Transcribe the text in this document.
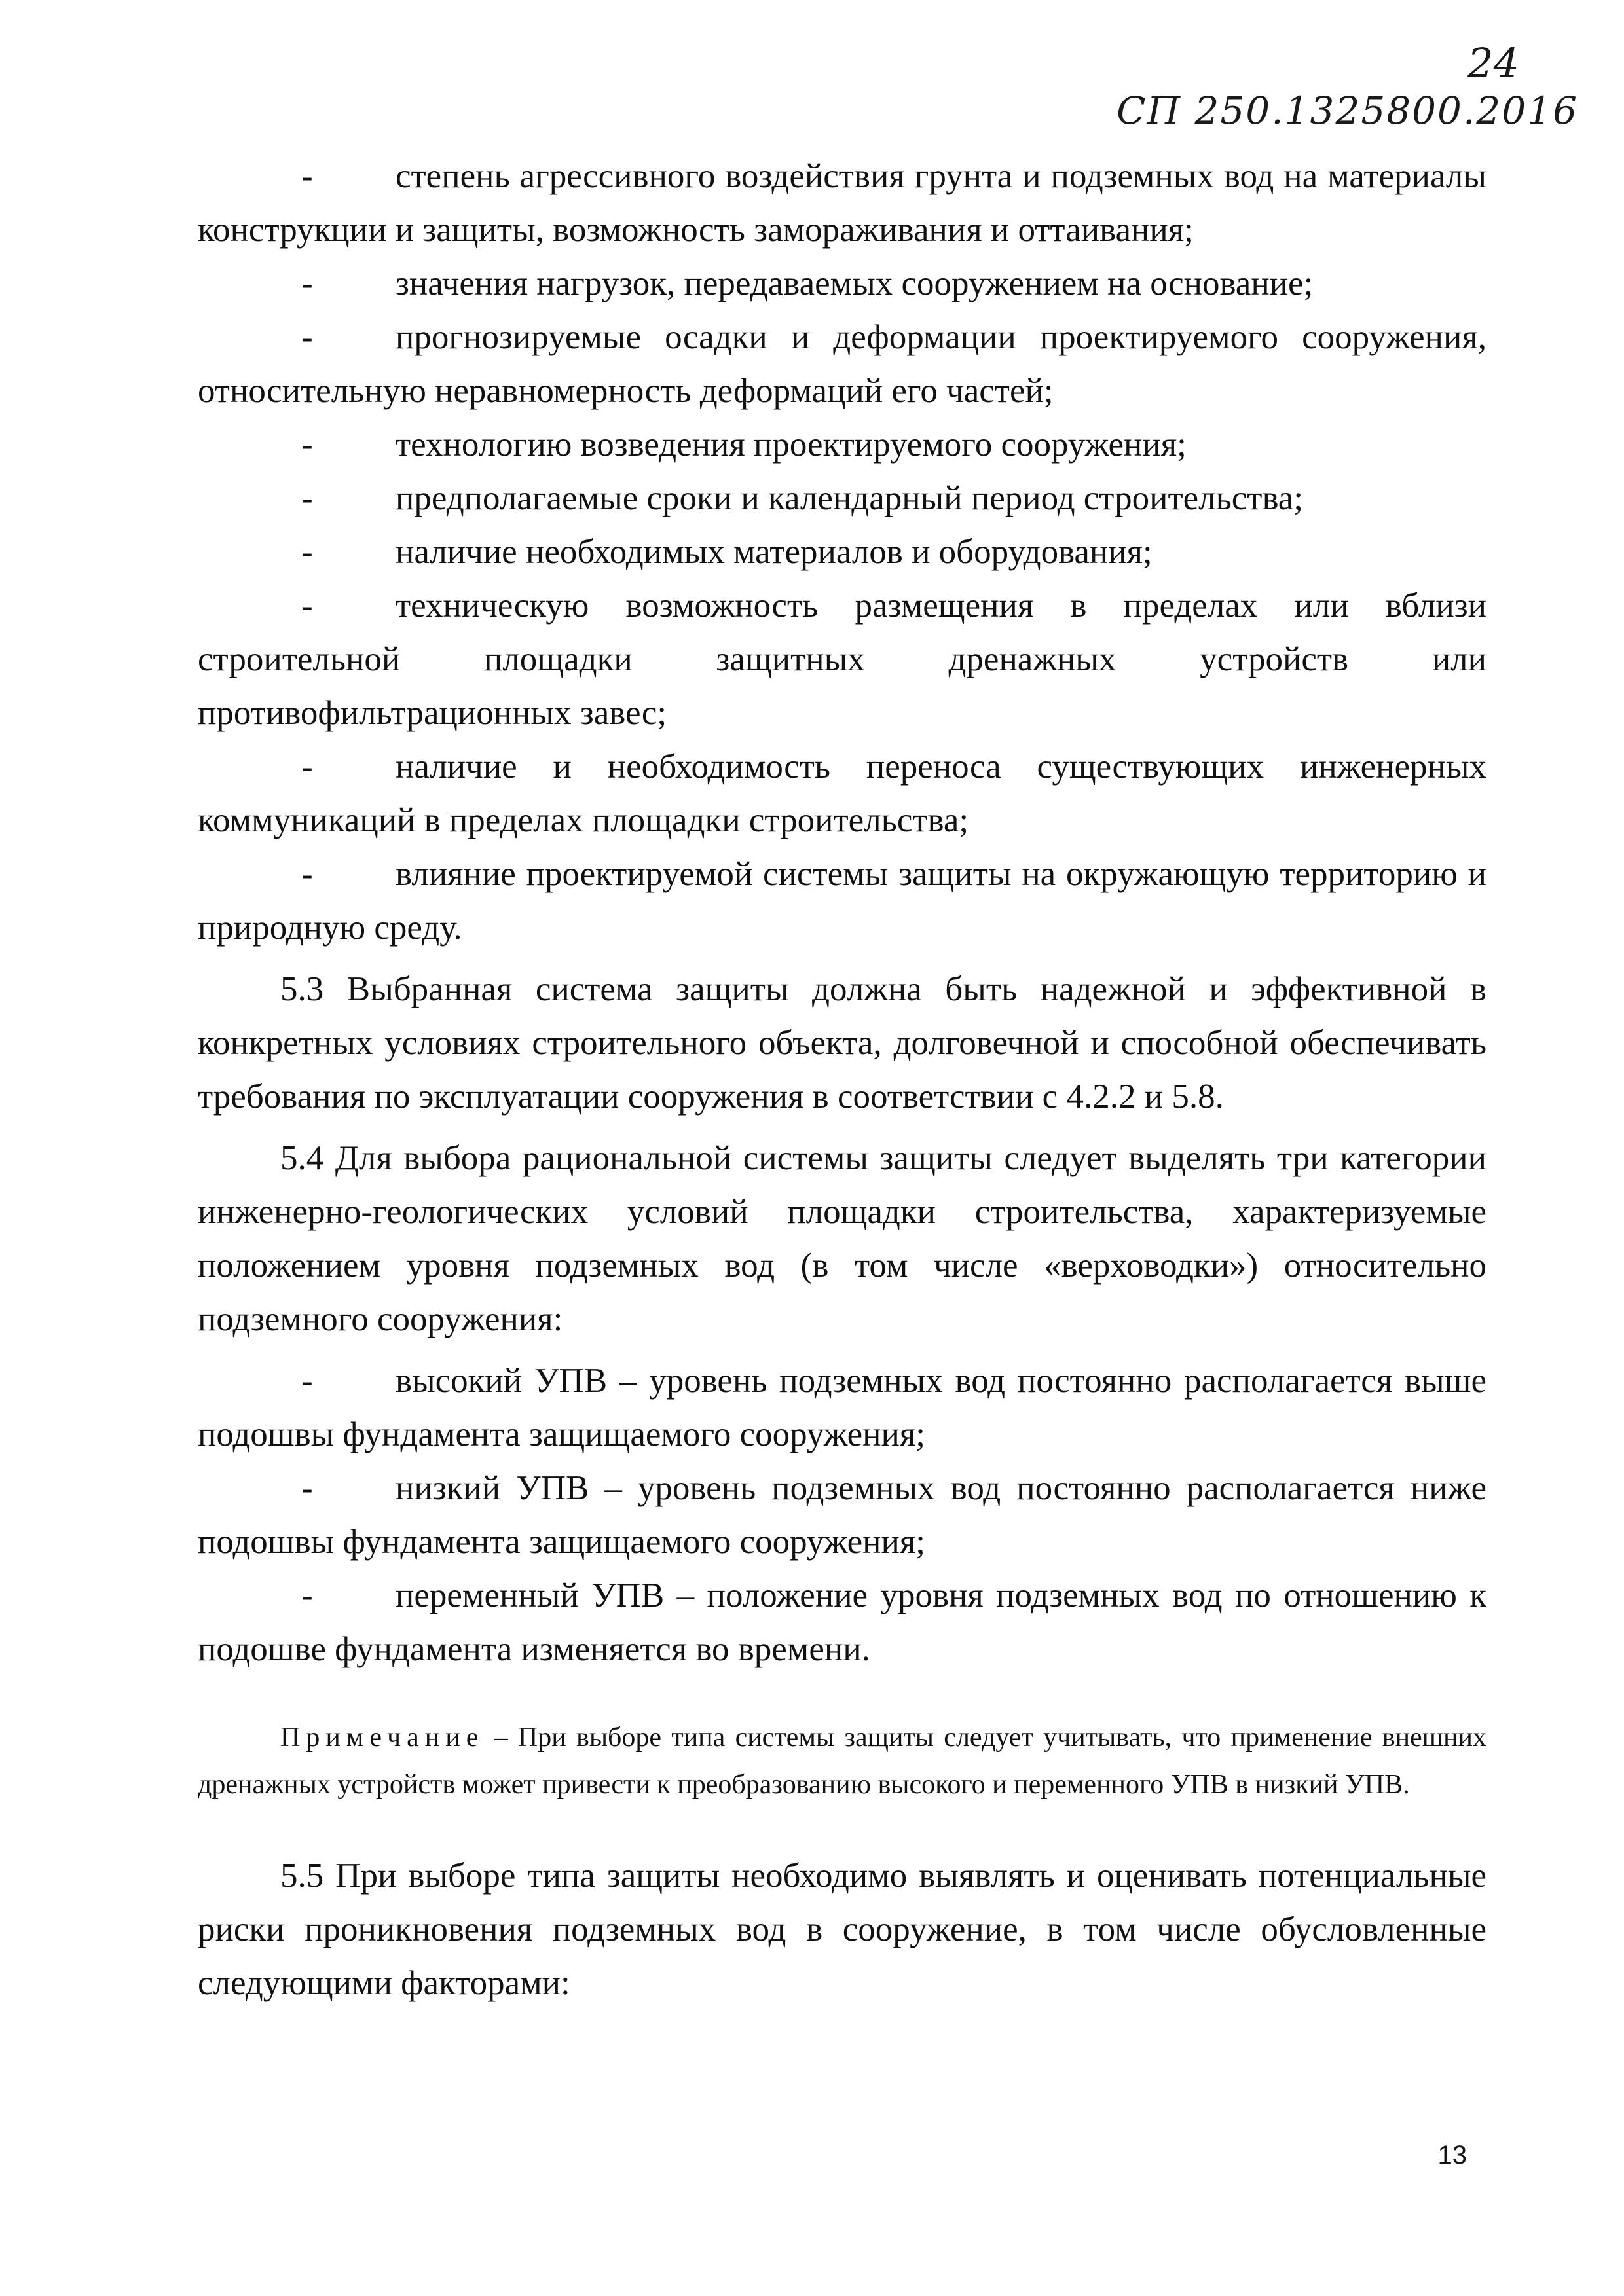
24
СП 250.1325800.2016

- степень агрессивного воздействия грунта и подземных вод на материалы конструкции и защиты, возможность замораживания и оттаивания;

- значения нагрузок, передаваемых сооружением на основание;

- прогнозируемые осадки и деформации проектируемого сооружения, относительную неравномерность деформаций его частей;

- технологию возведения проектируемого сооружения;

- предполагаемые сроки и календарный период строительства;

- наличие необходимых материалов и оборудования;

- техническую возможность размещения в пределах или вблизи строительной площадки защитных дренажных устройств или противофильтрационных завес;

- наличие и необходимость переноса существующих инженерных коммуникаций в пределах площадки строительства;

- влияние проектируемой системы защиты на окружающую территорию и природную среду.

5.3 Выбранная система защиты должна быть надежной и эффективной в конкретных условиях строительного объекта, долговечной и способной обеспечивать требования по эксплуатации сооружения в соответствии с 4.2.2 и 5.8.

5.4 Для выбора рациональной системы защиты следует выделять три категории инженерно-геологических условий площадки строительства, характеризуемые положением уровня подземных вод (в том числе «верховодки») относительно подземного сооружения:

- высокий УПВ – уровень подземных вод постоянно располагается выше подошвы фундамента защищаемого сооружения;

- низкий УПВ – уровень подземных вод постоянно располагается ниже подошвы фундамента защищаемого сооружения;

- переменный УПВ – положение уровня подземных вод по отношению к подошве фундамента изменяется во времени.

Примечание – При выборе типа системы защиты следует учитывать, что применение внешних дренажных устройств может привести к преобразованию высокого и переменного УПВ в низкий УПВ.

5.5 При выборе типа защиты необходимо выявлять и оценивать потенциальные риски проникновения подземных вод в сооружение, в том числе обусловленные следующими факторами:

13
